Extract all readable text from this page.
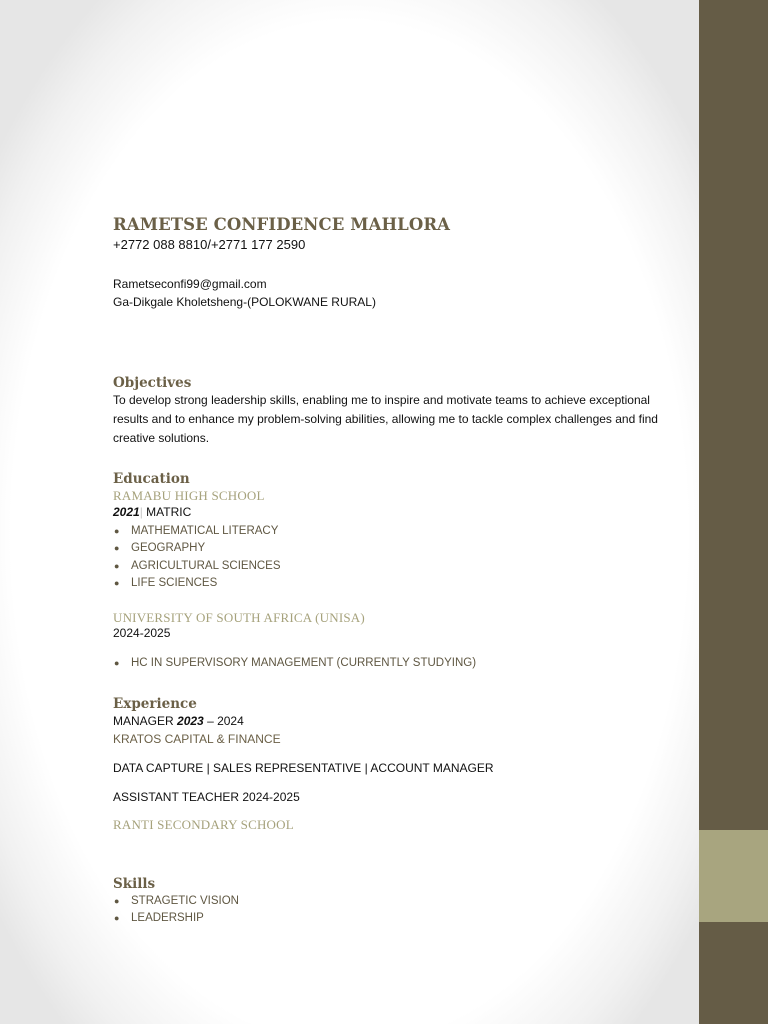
RAMETSE CONFIDENCE MAHLORA

+2772 088 8810/+2771 177 2590

Rametseconfi99@gmail.com

Ga-Dikgale Kholetsheng-(POLOKWANE RURAL)

Objectives

To develop strong leadership skills, enabling me to inspire and motivate teams to achieve exceptional results and to enhance my problem-solving abilities, allowing me to tackle complex challenges and find creative solutions.

Education

RAMABU HIGH SCHOOL

2021| MATRIC

● MATHEMATICAL LITERACY
● GEOGRAPHY
● AGRICULTURAL SCIENCES
● LIFE SCIENCES

UNIVERSITY OF SOUTH AFRICA (UNISA)

2024-2025

● HC IN SUPERVISORY MANAGEMENT (CURRENTLY STUDYING)
Experience

MANAGER 2023 – 2024

KRATOS CAPITAL & FINANCE

DATA CAPTURE | SALES REPRESENTATIVE | ACCOUNT MANAGER

ASSISTANT TEACHER 2024-2025

RANTI SECONDARY SCHOOL

Skills
● STRAGETIC VISION
● LEADERSHIP
